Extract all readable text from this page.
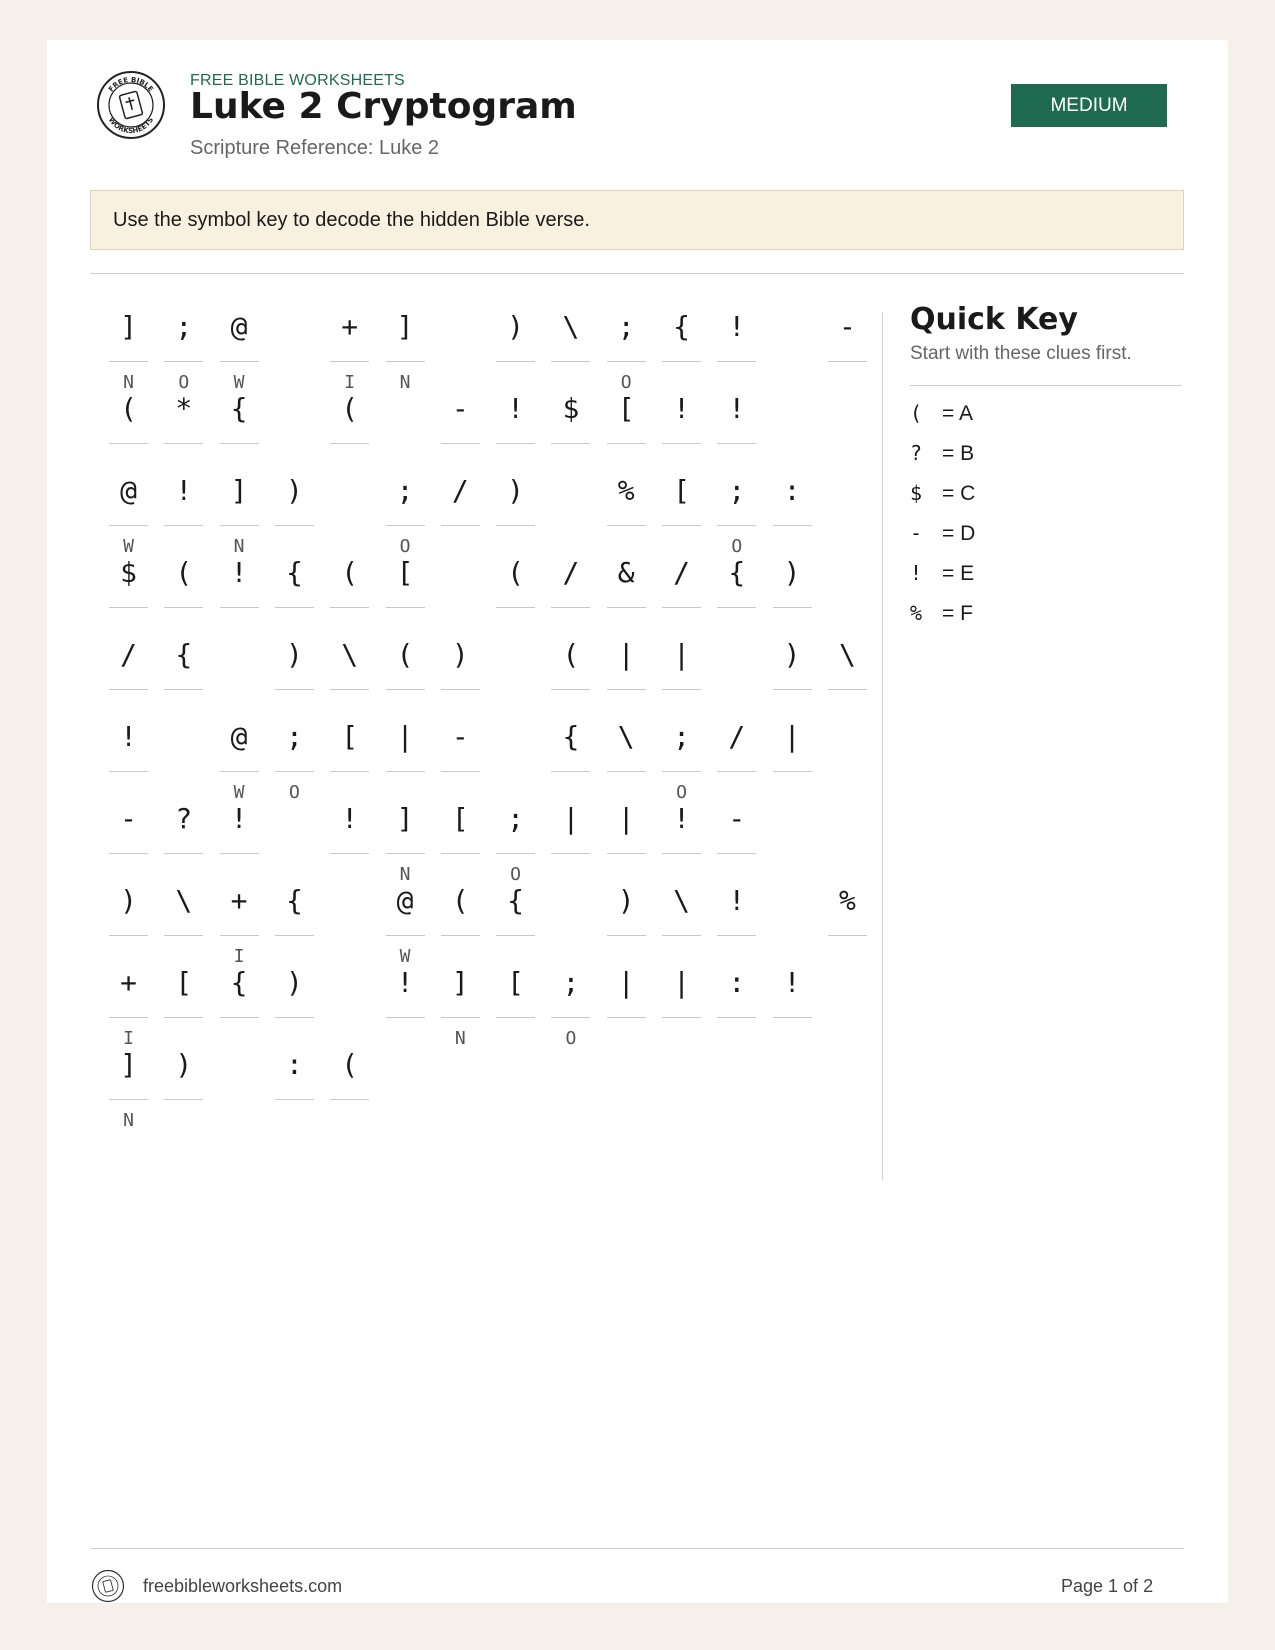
FREE BIBLE
WORKSHEETS
FREE BIBLE WORKSHEETS
Luke 2 Cryptogram
Scripture Reference: Luke 2
MEDIUM
Use the symbol key to decode the hidden Bible verse.
]
N
;
O
@
W
+
I
]
N
)	\	;
O
{	!	-
(	*	{	(	-	!	$	[	!	!
@
W
!	]
N
)	;
O
/	)	%	[	;
O
:
$	(	!	{	(	[	(	/	&	/	{	)
/	{	)	\	(	)	(	|	|	)	\
!	@
W
;
O
[	|	-	{	\	;
O
/	|
-	?	!	!	]
N
[	;
O
|	|	!	-
)	\	+
I
{	@
W
(	{	)	\	!	%
+
I
[	{	)	!	]
N
[	;
O
|	|	:	!
]
N
)	:	(
Quick Key
Start with these clues first.
( = A
? = B
$ = C
- = D
! = E
% = F
freebibleworksheets.com	Page 1 of 2
